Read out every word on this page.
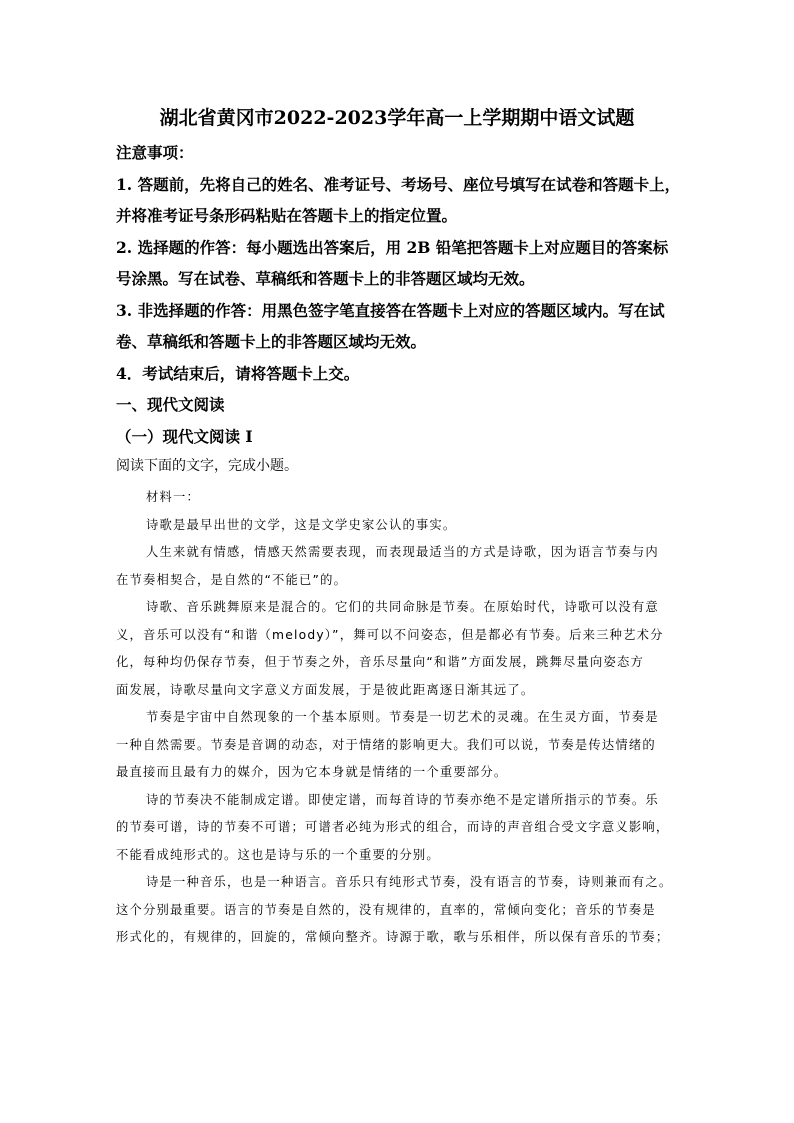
湖北省黄冈市2022-2023学年高一上学期期中语文试题
注意事项：
1. 答题前，先将自己的姓名、准考证号、考场号、座位号填写在试卷和答题卡上，
并将准考证号条形码粘贴在答题卡上的指定位置。
2. 选择题的作答：每小题选出答案后，用 2B 铅笔把答题卡上对应题目的答案标
号涂黑。写在试卷、草稿纸和答题卡上的非答题区域均无效。
3. 非选择题的作答：用黑色签字笔直接答在答题卡上对应的答题区域内。写在试
卷、草稿纸和答题卡上的非答题区域均无效。
4．考试结束后，请将答题卡上交。
一、现代文阅读
（一）现代文阅读 I
阅读下面的文字，完成小题。
材料一：
诗歌是最早出世的文学，这是文学史家公认的事实。
人生来就有情感，情感天然需要表现，而表现最适当的方式是诗歌，因为语言节奏与内
在节奏相契合，是自然的“不能已”的。
诗歌、音乐跳舞原来是混合的。它们的共同命脉是节奏。在原始时代，诗歌可以没有意
义，音乐可以没有“和谐（melody）”，舞可以不问姿态，但是都必有节奏。后来三种艺术分
化，每种均仍保存节奏，但于节奏之外，音乐尽量向“和谐”方面发展，跳舞尽量向姿态方
面发展，诗歌尽量向文字意义方面发展，于是彼此距离逐日渐其远了。
节奏是宇宙中自然现象的一个基本原则。节奏是一切艺术的灵魂。在生灵方面，节奏是
一种自然需要。节奏是音调的动态，对于情绪的影响更大。我们可以说，节奏是传达情绪的
最直接而且最有力的媒介，因为它本身就是情绪的一个重要部分。
诗的节奏决不能制成定谱。即使定谱，而每首诗的节奏亦绝不是定谱所指示的节奏。乐
的节奏可谱，诗的节奏不可谱；可谱者必纯为形式的组合，而诗的声音组合受文字意义影响，
不能看成纯形式的。这也是诗与乐的一个重要的分别。
诗是一种音乐，也是一种语言。音乐只有纯形式节奏，没有语言的节奏，诗则兼而有之。
这个分别最重要。语言的节奏是自然的，没有规律的，直率的，常倾向变化；音乐的节奏是
形式化的，有规律的，回旋的，常倾向整齐。诗源于歌，歌与乐相伴，所以保有音乐的节奏；
